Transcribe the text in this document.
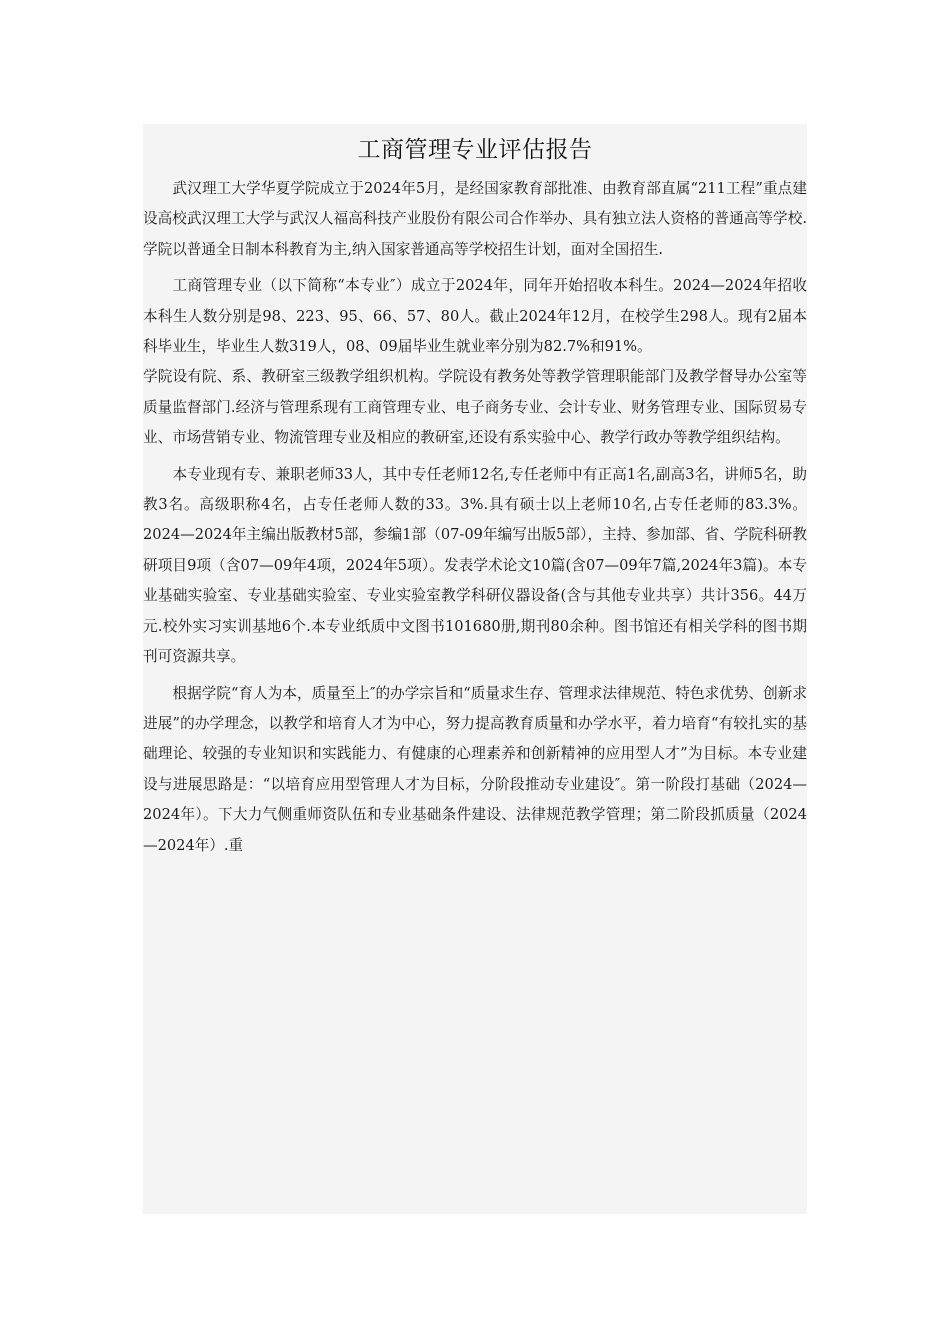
工商管理专业评估报告

武汉理工大学华夏学院成立于2024年5月，是经国家教育部批准、由教育部直属“211工程”重点建设高校武汉理工大学与武汉人福高科技产业股份有限公司合作举办、具有独立法人资格的普通高等学校.学院以普通全日制本科教育为主,纳入国家普通高等学校招生计划，面对全国招生.

工商管理专业（以下简称“本专业″）成立于2024年，同年开始招收本科生。2024—2024年招收本科生人数分别是98、223、95、66、57、80人。截止2024年12月，在校学生298人。现有2届本科毕业生，毕业生人数319人，08、09届毕业生就业率分别为82.7%和91%。

学院设有院、系、教研室三级教学组织机构。学院设有教务处等教学管理职能部门及教学督导办公室等质量监督部门.经济与管理系现有工商管理专业、电子商务专业、会计专业、财务管理专业、国际贸易专业、市场营销专业、物流管理专业及相应的教研室,还设有系实验中心、教学行政办等教学组织结构。

本专业现有专、兼职老师33人，其中专任老师12名,专任老师中有正高1名,副高3名，讲师5名，助教3名。高级职称4名，占专任老师人数的33。3%.具有硕士以上老师10名,占专任老师的83.3%。2024—2024年主编出版教材5部，参编1部（07-09年编写出版5部），主持、参加部、省、学院科研教研项目9项（含07—09年4项，2024年5项）。发表学术论文10篇(含07—09年7篇,2024年3篇)。本专业基础实验室、专业基础实验室、专业实验室教学科研仪器设备(含与其他专业共享）共计356。44万元.校外实习实训基地6个.本专业纸质中文图书101680册,期刊80余种。图书馆还有相关学科的图书期刊可资源共享。

根据学院“育人为本，质量至上″的办学宗旨和“质量求生存、管理求法律规范、特色求优势、创新求进展”的办学理念，以教学和培育人才为中心，努力提高教育质量和办学水平，着力培育“有较扎实的基础理论、较强的专业知识和实践能力、有健康的心理素养和创新精神的应用型人才”为目标。本专业建设与进展思路是：“以培育应用型管理人才为目标，分阶段推动专业建设″。第一阶段打基础（2024—2024年）。下大力气侧重师资队伍和专业基础条件建设、法律规范教学管理；第二阶段抓质量（2024—2024年）.重
